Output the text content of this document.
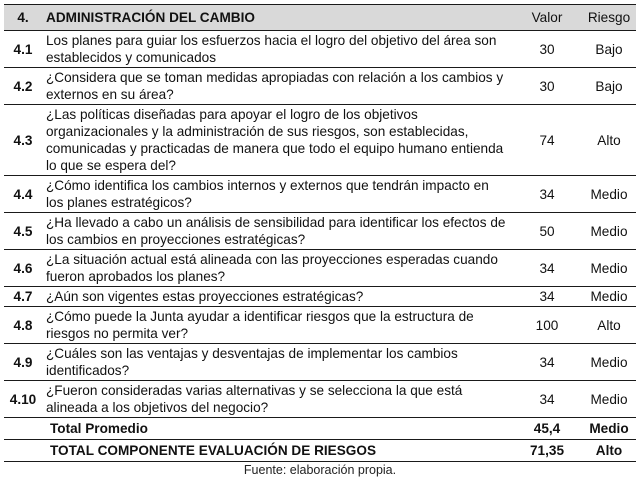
4.	ADMINISTRACIÓN DEL CAMBIO	Valor	Riesgo
4.1	Los planes para guiar los esfuerzos hacia el logro del objetivo del área son establecidos y comunicados	30	Bajo
4.2	¿Considera que se toman medidas apropiadas con relación a los cambios y externos en su área?	30	Bajo
4.3	¿Las políticas diseñadas para apoyar el logro de los objetivos organizacionales y la administración de sus riesgos, son establecidas, comunicadas y practicadas de manera que todo el equipo humano entienda lo que se espera del?	74	Alto
4.4	¿Cómo identifica los cambios internos y externos que tendrán impacto en los planes estratégicos?	34	Medio
4.5	¿Ha llevado a cabo un análisis de sensibilidad para identificar los efectos de los cambios en proyecciones estratégicas?	50	Medio
4.6	¿La situación actual está alineada con las proyecciones esperadas cuando fueron aprobados los planes?	34	Medio
4.7	¿Aún son vigentes estas proyecciones estratégicas?	34	Medio
4.8	¿Cómo puede la Junta ayudar a identificar riesgos que la estructura de riesgos no permita ver?	100	Alto
4.9	¿Cuáles son las ventajas y desventajas de implementar los cambios identificados?	34	Medio
4.10	¿Fueron consideradas varias alternativas y se selecciona la que está alineada a los objetivos del negocio?	34	Medio
	Total Promedio	45,4	Medio
	TOTAL COMPONENTE EVALUACIÓN DE RIESGOS	71,35	Alto
Fuente: elaboración propia.
